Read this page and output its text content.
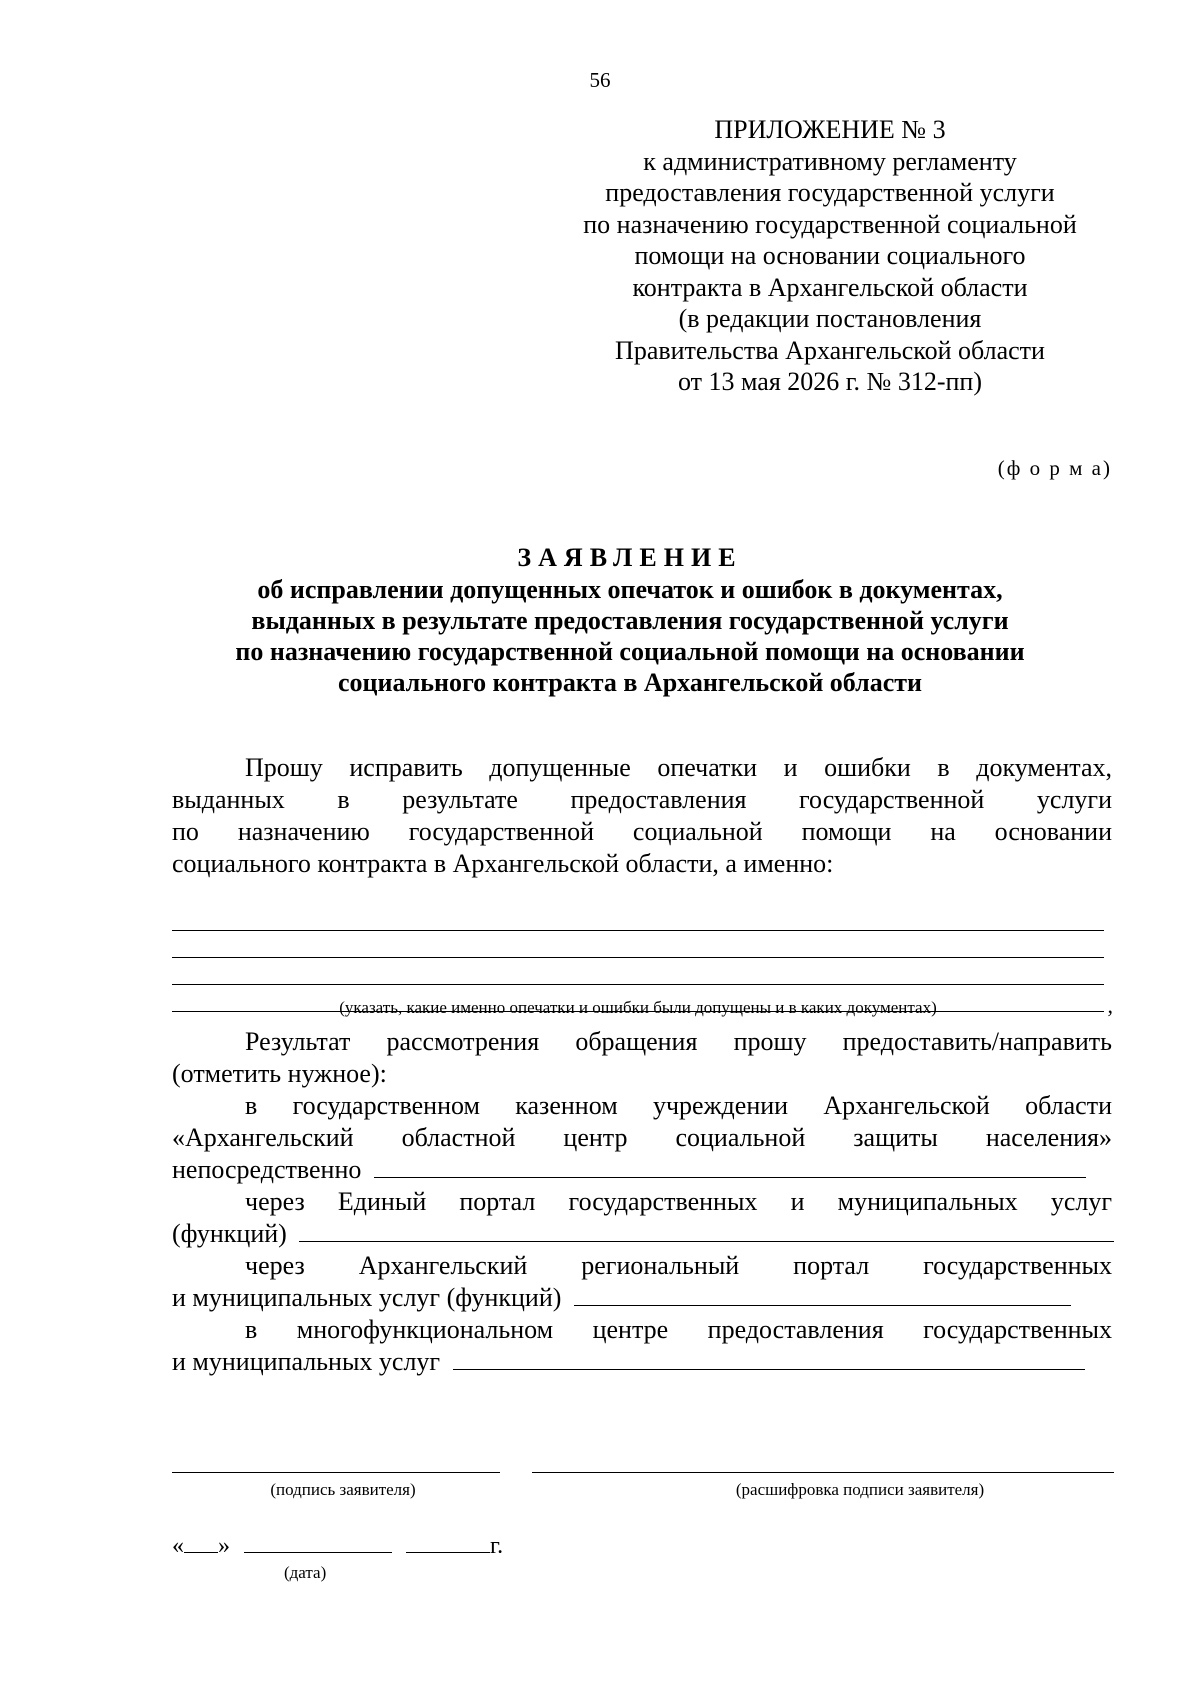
56
ПРИЛОЖЕНИЕ № 3
к административному регламенту
предоставления государственной услуги
по назначению государственной социальной
помощи на основании социального
контракта в Архангельской области
(в редакции постановления
Правительства Архангельской области
от 13 мая 2026 г. № 312-пп)
(ф о р м а)
ЗАЯВЛЕНИЕ
об исправлении допущенных опечаток и ошибок в документах,
выданных в результате предоставления государственной услуги
по назначению государственной социальной помощи на основании
социального контракта в Архангельской области
Прошу исправить допущенные опечатки и ошибки в документах,
выданных в результате предоставления государственной услуги
по назначению государственной социальной помощи на основании
социального контракта в Архангельской области, а именно:
,
(указать, какие именно опечатки и ошибки были допущены и в каких документах)
Результат рассмотрения обращения прошу предоставить/направить
(отметить нужное):
в государственном казенном учреждении Архангельской области
«Архангельский областной центр социальной защиты населения»
непосредственно
через Единый портал государственных и муниципальных услуг
(функций)
через Архангельский региональный портал государственных
и муниципальных услуг (функций)
в многофункциональном центре предоставления государственных
и муниципальных услуг
(подпись заявителя)	(расшифровка подписи заявителя)
« »	г.
(дата)
